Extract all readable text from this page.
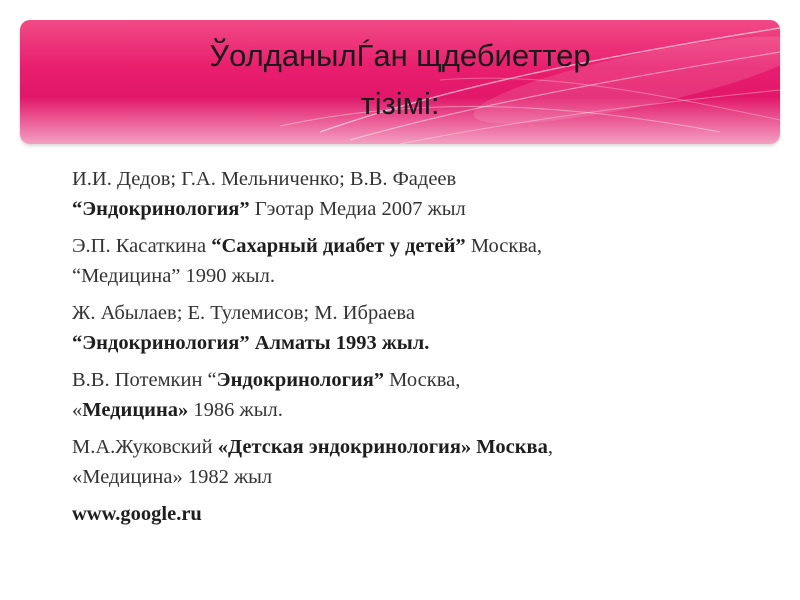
ЎолданылЃан щдебиеттер
тізімі:
И.И. Дедов; Г.А. Мельниченко; В.В. Фадеев
“Эндокринология” Гэотар Медиа 2007 жыл
Э.П. Касаткина “Сахарный диабет у детей” Москва,
“Медицина” 1990 жыл.
Ж. Абылаев; Е. Тулемисов; М. Ибраева
“Эндокринология” Алматы 1993 жыл.
В.В. Потемкин “Эндокринология” Москва,
«Медицина» 1986 жыл.
М.А.Жуковский «Детская эндокринология» Москва,
«Медицина» 1982 жыл
www.google.ru
